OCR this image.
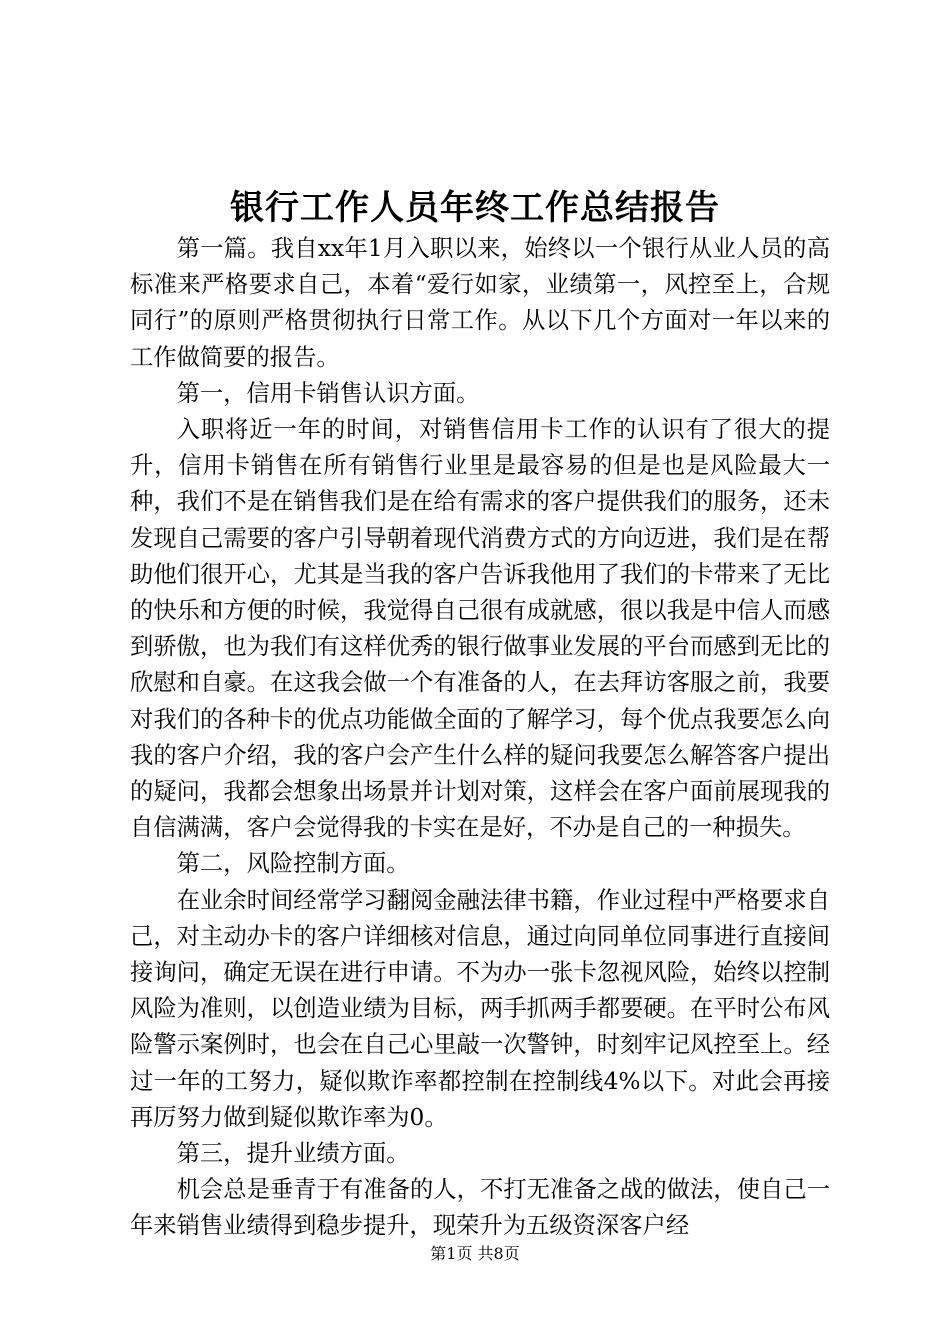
银行工作人员年终工作总结报告

第一篇。我自xx年1月入职以来，始终以一个银行从业人员的高标准来严格要求自己，本着“爱行如家，业绩第一，风控至上，合规同行”的原则严格贯彻执行日常工作。从以下几个方面对一年以来的工作做简要的报告。

第一，信用卡销售认识方面。

入职将近一年的时间，对销售信用卡工作的认识有了很大的提升，信用卡销售在所有销售行业里是最容易的但是也是风险最大一种，我们不是在销售我们是在给有需求的客户提供我们的服务，还未发现自己需要的客户引导朝着现代消费方式的方向迈进，我们是在帮助他们很开心，尤其是当我的客户告诉我他用了我们的卡带来了无比的快乐和方便的时候，我觉得自己很有成就感，很以我是中信人而感到骄傲，也为我们有这样优秀的银行做事业发展的平台而感到无比的欣慰和自豪。在这我会做一个有准备的人，在去拜访客服之前，我要对我们的各种卡的优点功能做全面的了解学习，每个优点我要怎么向我的客户介绍，我的客户会产生什么样的疑问我要怎么解答客户提出的疑问，我都会想象出场景并计划对策，这样会在客户面前展现我的自信满满，客户会觉得我的卡实在是好，不办是自己的一种损失。

第二，风险控制方面。

在业余时间经常学习翻阅金融法律书籍，作业过程中严格要求自己，对主动办卡的客户详细核对信息，通过向同单位同事进行直接间接询问，确定无误在进行申请。不为办一张卡忽视风险，始终以控制风险为准则，以创造业绩为目标，两手抓两手都要硬。在平时公布风险警示案例时，也会在自己心里敲一次警钟，时刻牢记风控至上。经过一年的工努力，疑似欺诈率都控制在控制线4%以下。对此会再接再厉努力做到疑似欺诈率为0。

第三，提升业绩方面。

机会总是垂青于有准备的人，不打无准备之战的做法，使自己一年来销售业绩得到稳步提升，现荣升为五级资深客户经

第1页 共8页
